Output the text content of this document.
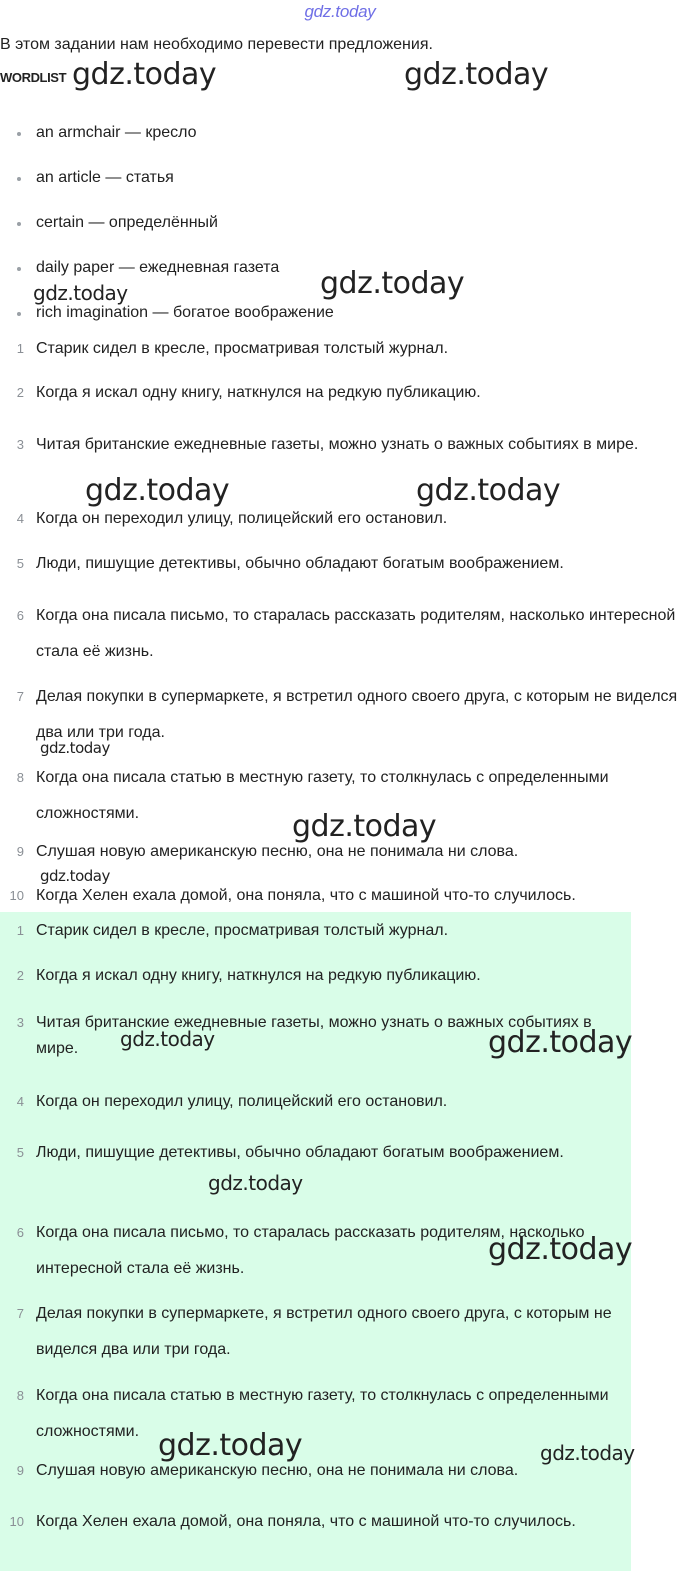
gdz.today
В этом задании нам необходимо перевести предложения.
WORDLIST
an armchair — кресло
an article — статья
certain — определённый
daily paper — ежедневная газета
rich imagination — богатое воображение
1 Старик сидел в кресле, просматривая толстый журнал.
2 Когда я искал одну книгу, наткнулся на редкую публикацию.
3 Читая британские ежедневные газеты, можно узнать о важных событиях в мире.
4 Когда он переходил улицу, полицейский его остановил.
5 Люди, пишущие детективы, обычно обладают богатым воображением.
6 Когда она писала письмо, то старалась рассказать родителям, насколько интересной стала её жизнь.
7 Делая покупки в супермаркете, я встретил одного своего друга, с которым не виделся два или три года.
8 Когда она писала статью в местную газету, то столкнулась с определенными сложностями.
9 Слушая новую американскую песню, она не понимала ни слова.
10 Когда Хелен ехала домой, она поняла, что с машиной что-то случилось.
1 Старик сидел в кресле, просматривая толстый журнал.
2 Когда я искал одну книгу, наткнулся на редкую публикацию.
3 Читая британские ежедневные газеты, можно узнать о важных событиях в мире.
4 Когда он переходил улицу, полицейский его остановил.
5 Люди, пишущие детективы, обычно обладают богатым воображением.
6 Когда она писала письмо, то старалась рассказать родителям, насколько интересной стала её жизнь.
7 Делая покупки в супермаркете, я встретил одного своего друга, с которым не виделся два или три года.
8 Когда она писала статью в местную газету, то столкнулась с определенными сложностями.
9 Слушая новую американскую песню, она не понимала ни слова.
10 Когда Хелен ехала домой, она поняла, что с машиной что-то случилось.
gdz.today	gdz.today
gdz.today	gdz.today
gdz.today	gdz.today
gdz.today
gdz.today
gdz.today
gdz.today	gdz.today
gdz.today
gdz.today
gdz.today	gdz.today
